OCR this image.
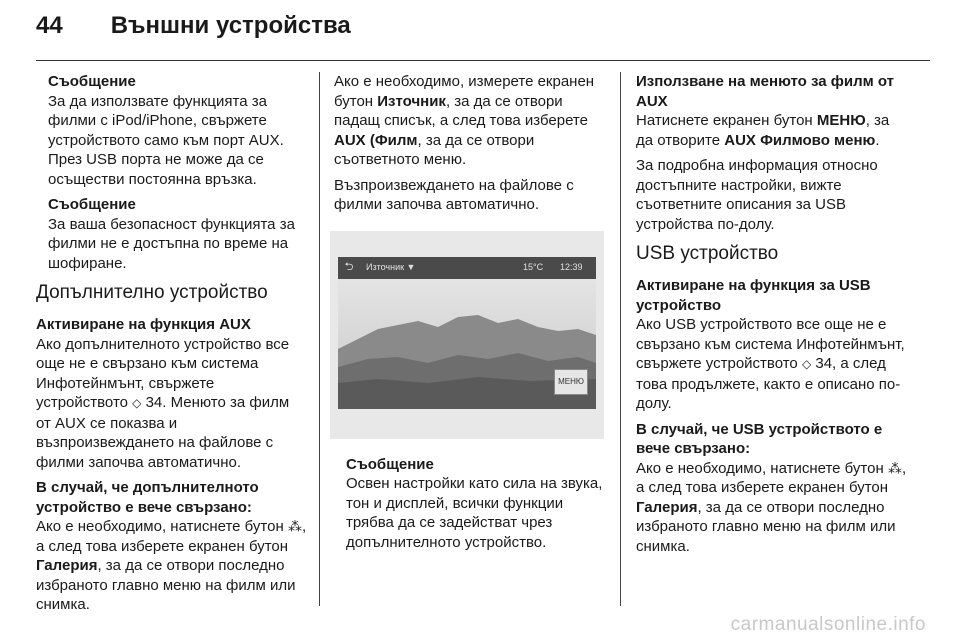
44 Външни устройства
Съобщение
За да използвате функцията за филми с iPod/iPhone, свържете устройството само към порт AUX. През USB порта не може да се осъществи постоянна връзка.
Съобщение
За ваша безопасност функцията за филми не е достъпна по време на шофиране.
Допълнително устройство
Активиране на функция AUX

Ако допълнителното устройство все още не е свързано към система Инфотейнмънт, свържете устройството ◇ 34. Менюто за филм от AUX се показва и възпроизвеждането на файлове с филми започва автоматично.

В случай, че допълнителното устройство е вече свързано:

Ако е необходимо, натиснете бутон ⁂, а след това изберете екранен бутон Галерия, за да се отвори последно избраното главно меню на филм или снимка.

Ако е необходимо, измерете екранен бутон Източник, за да се отвори падащ списък, а след това изберете AUX (Филм, за да се отвори съответното меню.

Възпроизвеждането на файлове с филми започва автоматично.

⮌	Източник ▼	15°C 12:39
МЕНЮ
Съобщение
Освен настройки като сила на звука, тон и дисплей, всички функции трябва да се задействат чрез допълнителното устройство.
Използване на менюто за филм от AUX

Натиснете екранен бутон МЕНЮ, за да отворите AUX Филмово меню.

За подробна информация относно достъпните настройки, вижте съответните описания за USB устройства по-долу.

USB устройство
Активиране на функция за USB устройство

Ако USB устройството все още не е свързано към система Инфотейнмънт, свържете устройството ◇ 34, а след това продължете, както е описано по-долу.

В случай, че USB устройството е вече свързано:

Ако е необходимо, натиснете бутон ⁂, а след това изберете екранен бутон Галерия, за да се отвори последно избраното главно меню на филм или снимка.

carmanualsonline.info
